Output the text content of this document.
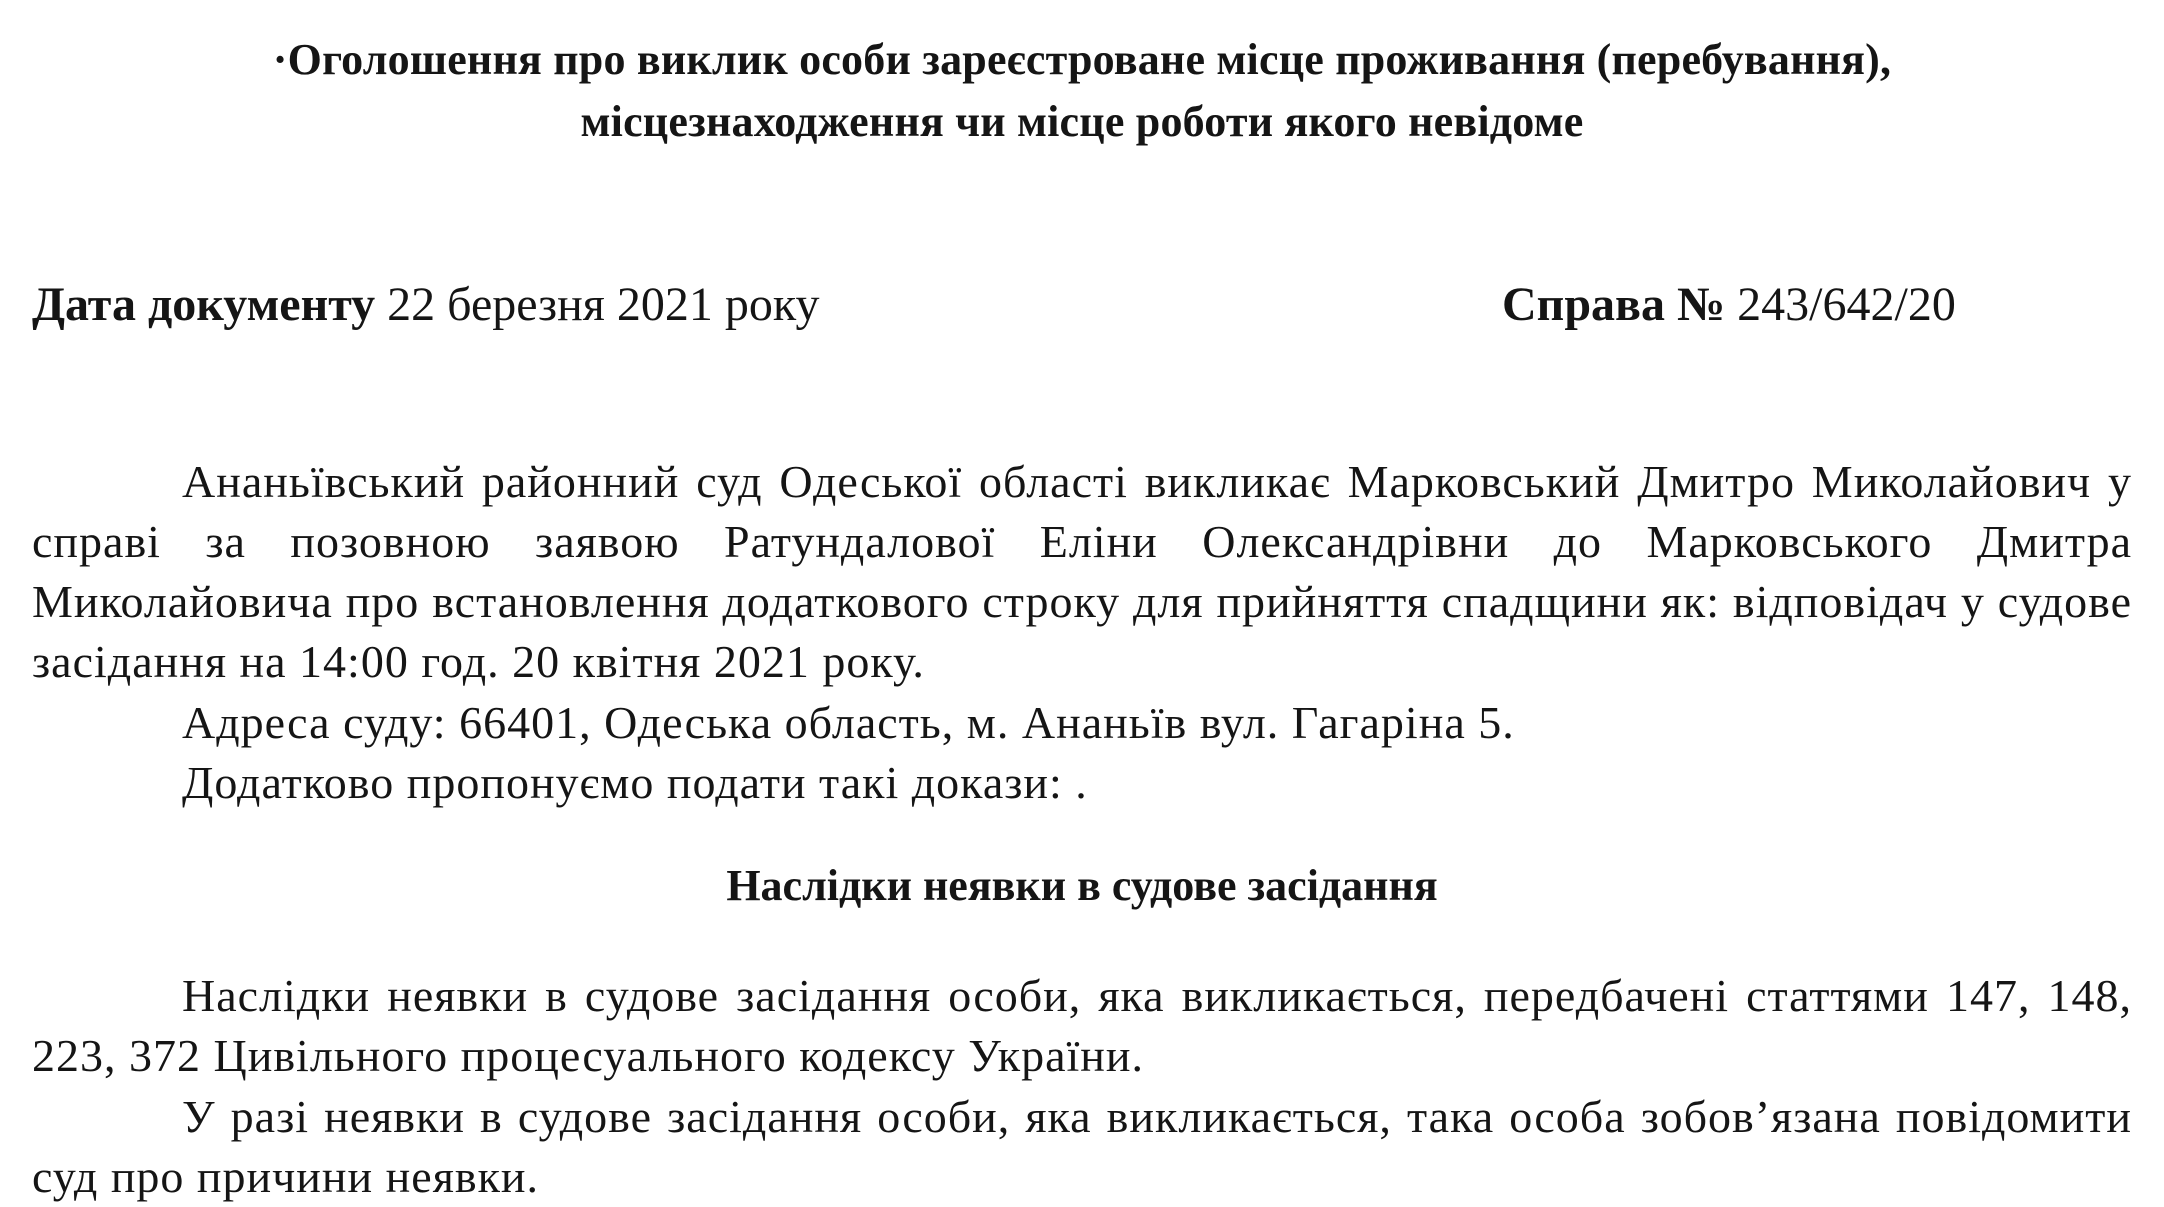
·Оголошення про виклик особи зареєстроване місце проживання (перебування),
місцезнаходження чи місце роботи якого невідоме
Дата документу 22 березня 2021 року	Справа № 243/642/20
Ананьївський районний суд Одеської області викликає Марковський Дмитро Миколайович у справі за позовною заявою Ратундалової Еліни Олександрівни до Марковського Дмитра Миколайовича про встановлення додаткового строку для прийняття спадщини як: відповідач у судове засідання на 14:00 год. 20 квітня 2021 року.
Адреса суду: 66401, Одеська область, м. Ананьїв вул. Гагаріна 5.
Додатково пропонуємо подати такі докази: .
Наслідки неявки в судове засідання
Наслідки неявки в судове засідання особи, яка викликається, передбачені статтями 147, 148, 223, 372 Цивільного процесуального кодексу України.
У разі неявки в судове засідання особи, яка викликається, така особа зобов’язана повідомити суд про причини неявки.
